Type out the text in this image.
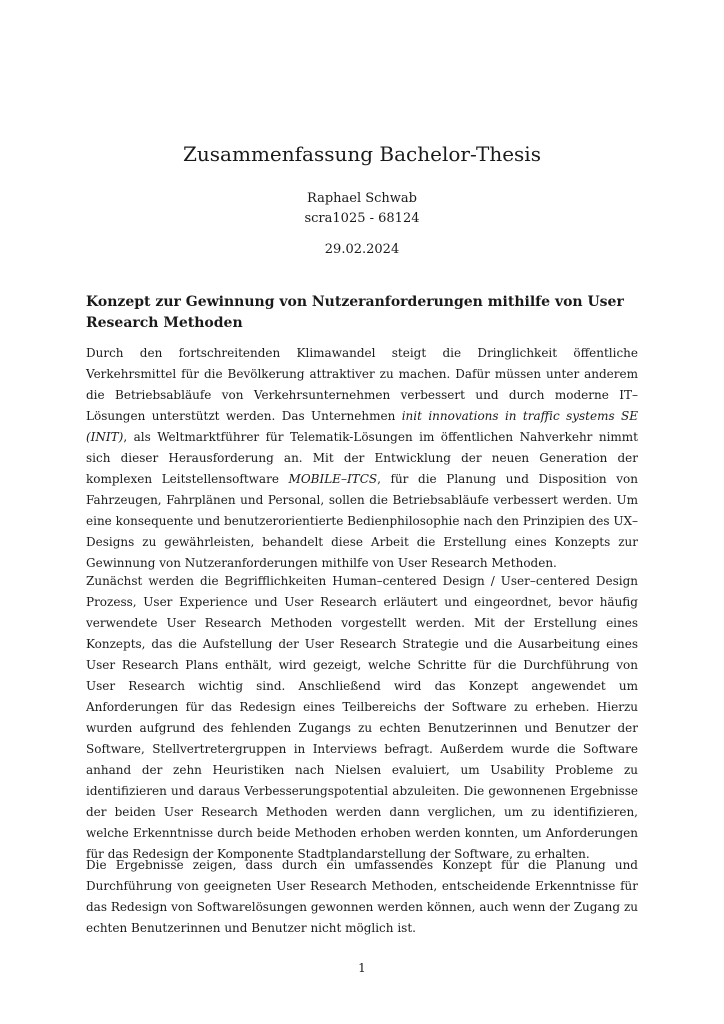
Zusammenfassung Bachelor-Thesis

Raphael Schwab

scra1025 - 68124

29.02.2024

Konzept zur Gewinnung von Nutzeranforderungen mithilfe von User Research Methoden

Durch den fortschreitenden Klimawandel steigt die Dringlichkeit öffentliche Verkehrsmittel für die Bevölkerung attraktiver zu machen. Dafür müssen unter anderem die Betriebsabläufe von Verkehrsunternehmen verbessert und durch moderne IT–Lösungen unterstützt werden. Das Unternehmen init innovations in traffic systems SE (INIT), als Weltmarktführer für Telematik-Lösungen im öffentlichen Nahverkehr nimmt sich dieser Herausforderung an. Mit der Entwicklung der neuen Generation der komplexen Leitstellensoftware MOBILE–ITCS, für die Planung und Disposition von Fahrzeugen, Fahrplänen und Personal, sollen die Betriebsabläufe verbessert werden. Um eine konsequente und benutzerorientierte Bedienphilosophie nach den Prinzipien des UX–Designs zu gewährleisten, behandelt diese Arbeit die Erstellung eines Konzepts zur Gewinnung von Nutzeranforderungen mithilfe von User Research Methoden.

Zunächst werden die Begrifflichkeiten Human–centered Design / User–centered Design Prozess, User Experience und User Research erläutert und eingeordnet, bevor häufig verwendete User Research Methoden vorgestellt werden. Mit der Erstellung eines Konzepts, das die Aufstellung der User Research Strategie und die Ausarbeitung eines User Research Plans enthält, wird gezeigt, welche Schritte für die Durchführung von User Research wichtig sind. Anschließend wird das Konzept angewendet um Anforderungen für das Redesign eines Teilbereichs der Software zu erheben. Hierzu wurden aufgrund des fehlenden Zugangs zu echten Benutzerinnen und Benutzer der Software, Stellvertretergruppen in Interviews befragt. Außerdem wurde die Software anhand der zehn Heuristiken nach Nielsen evaluiert, um Usability Probleme zu identifizieren und daraus Verbesserungspotential abzuleiten. Die gewonnenen Ergebnisse der beiden User Research Methoden werden dann verglichen, um zu identifizieren, welche Erkenntnisse durch beide Methoden erhoben werden konnten, um Anforderungen für das Redesign der Komponente Stadtplandarstellung der Software, zu erhalten.

Die Ergebnisse zeigen, dass durch ein umfassendes Konzept für die Planung und Durchführung von geeigneten User Research Methoden, entscheidende Erkenntnisse für das Redesign von Softwarelösungen gewonnen werden können, auch wenn der Zugang zu echten Benutzerinnen und Benutzer nicht möglich ist.

1
